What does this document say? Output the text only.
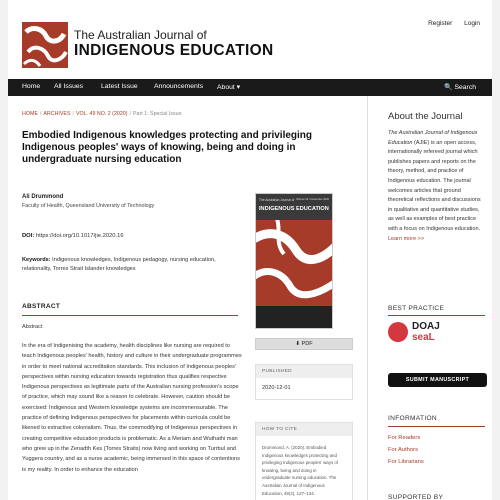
The Australian Journal of
INDIGENOUS EDUCATION
Register Login
Home All Issues	Latest Issue Announcements About ▾	🔍 Search
HOME / ARCHIVES / VOL. 49 NO. 2 (2020) / Part 1: Special Issue
Embodied Indigenous knowledges protecting and privileging Indigenous peoples' ways of knowing, being and doing in undergraduate nursing education
Ali Drummond
Faculty of Health, Queensland University of Technology
DOI: https://doi.org/10.1017/jie.2020.16
Keywords: Indigenous knowledges, Indigenous pedagogy, nursing education, relationality, Torres Strait Islander knowledges
ABSTRACT
Abstract
In the era of Indigenising the academy, health disciplines like nursing are required to teach Indigenous peoples' health, history and culture in their undergraduate programmes in order to meet national accreditation standards. This inclusion of Indigenous peoples' perspectives within nursing education towards registration thus qualifies respective Indigenous perspectives as legitimate parts of the Australian nursing profession's scope of practice, which may sound like a reason to celebrate. However, caution should be exercised: Indigenous and Western knowledge systems are incommensurable. The practice of defining Indigenous perspectives for placements within curricula could be likened to extractive colonialism. Thus, the commodifying of Indigenous perspectives in creating competitive education products is problematic. As a Meriam and Wuthathi man who grew up in the Zenadth Kes (Torres Straits) now living and working on Turrbul and Yuggera country, and as a nurse academic, being immersed in this space of contentions is my reality. In order to enhance the education
The Australian Journal of
INDIGENOUS EDUCATION
Volume 49 • December 2020
⬇ PDF
PUBLISHED
2020-12-01
HOW TO CITE
Drummond, A. (2020). Embodied Indigenous knowledges protecting and privileging Indigenous peoples' ways of knowing, being and doing in undergraduate nursing education. The Australian Journal of Indigenous Education, 49(2), 127–134.
About the Journal
The Australian Journal of Indigenous Education (AJIE) is an open access, internationally refereed journal which publishes papers and reports on the theory, method, and practice of Indigenous education. The journal welcomes articles that ground theoretical reflections and discussions in qualitative and quantitative studies, as well as examples of best practice with a focus on Indigenous education.
Learn more >>
BEST PRACTICE
DOAJ
seaL
SUBMIT MANUSCRIPT
INFORMATION
For Readers
For Authors
For Librarians
SUPPORTED BY
